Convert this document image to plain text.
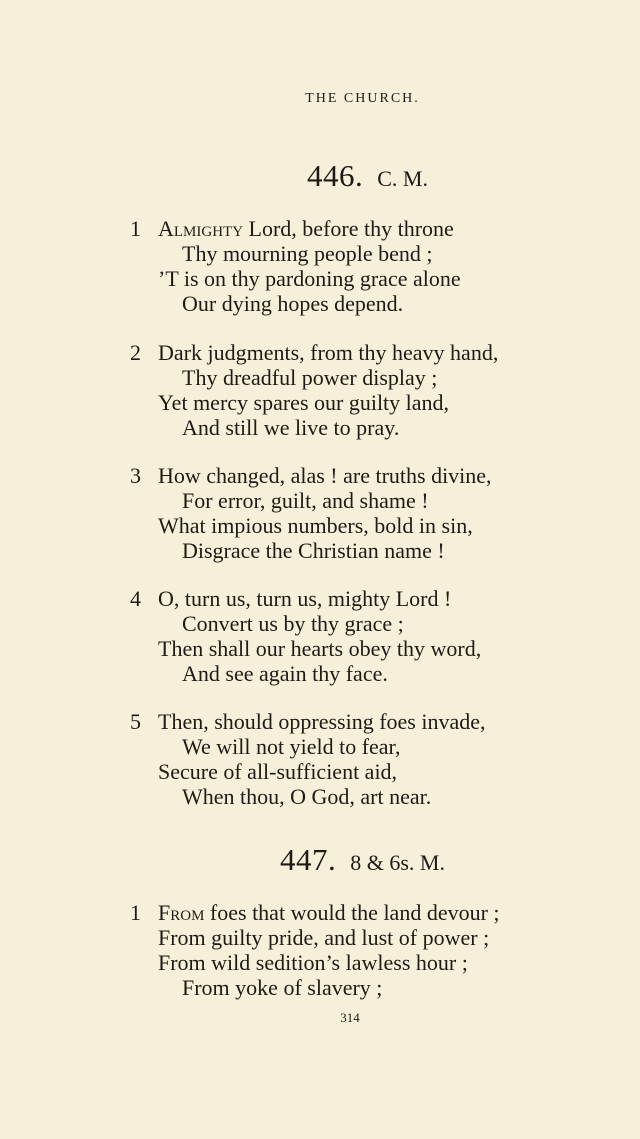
THE CHURCH.
446. C. M.
1 Almighty Lord, before thy throne
Thy mourning people bend ;
’T is on thy pardoning grace alone
Our dying hopes depend.
2 Dark judgments, from thy heavy hand,
Thy dreadful power display ;
Yet mercy spares our guilty land,
And still we live to pray.
3 How changed, alas ! are truths divine,
For error, guilt, and shame !
What impious numbers, bold in sin,
Disgrace the Christian name !
4 O, turn us, turn us, mighty Lord !
Convert us by thy grace ;
Then shall our hearts obey thy word,
And see again thy face.
5 Then, should oppressing foes invade,
We will not yield to fear,
Secure of all-sufficient aid,
When thou, O God, art near.
447. 8 & 6s. M.
1 From foes that would the land devour ;
From guilty pride, and lust of power ;
From wild sedition’s lawless hour ;
From yoke of slavery ;
314
